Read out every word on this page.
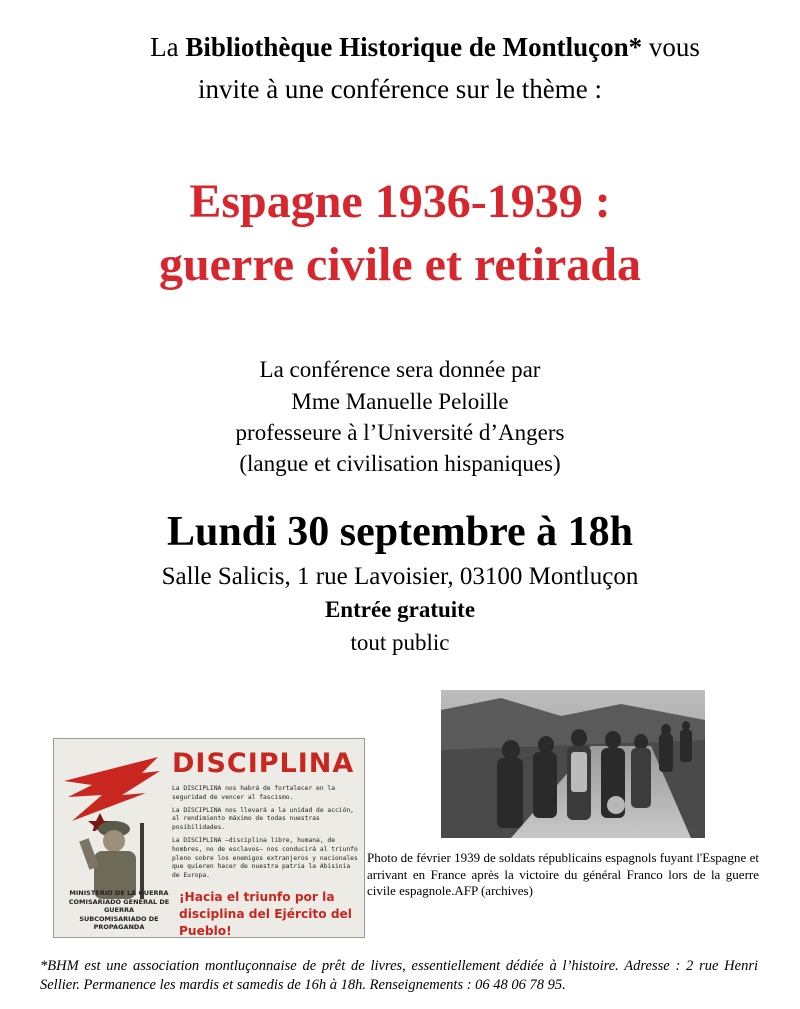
La Bibliothèque Historique de Montluçon* vous
invite à une conférence sur le thème :
Espagne 1936-1939 :
guerre civile et retirada
La conférence sera donnée par
Mme Manuelle Peloille
professeure à l’Université d’Angers
(langue et civilisation hispaniques)
Lundi 30 septembre à 18h
Salle Salicis, 1 rue Lavoisier, 03100 Montluçon
Entrée gratuite
tout public
DISCIPLINA

La DISCIPLINA nos habrá de fortalecer en la seguridad de vencer al fascismo.

La DISCIPLINA nos llevará a la unidad de acción, al rendimiento máximo de todas nuestras posibilidades.

La DISCIPLINA —disciplina libre, humana, de hombres, no de esclavos— nos conducirá al triunfo pleno sobre los enemigos extranjeros y nacionales que quieren hacer de nuestra patria la Abisinia de Europa.

MINISTERIO DE LA GUERRA
COMISARIADO GENERAL DE GUERRA
SUBCOMISARIADO DE PROPAGANDA
¡Hacia el triunfo por la disciplina del Ejército del Pueblo!
Photo de février 1939 de soldats républicains espagnols fuyant l'Espagne et arrivant en France après la victoire du général Franco lors de la guerre civile espagnole.AFP (archives)
*BHM est une association montluçonnaise de prêt de livres, essentiellement dédiée à l’histoire. Adresse : 2 rue Henri Sellier. Permanence les mardis et samedis de 16h à 18h. Renseignements : 06 48 06 78 95.
